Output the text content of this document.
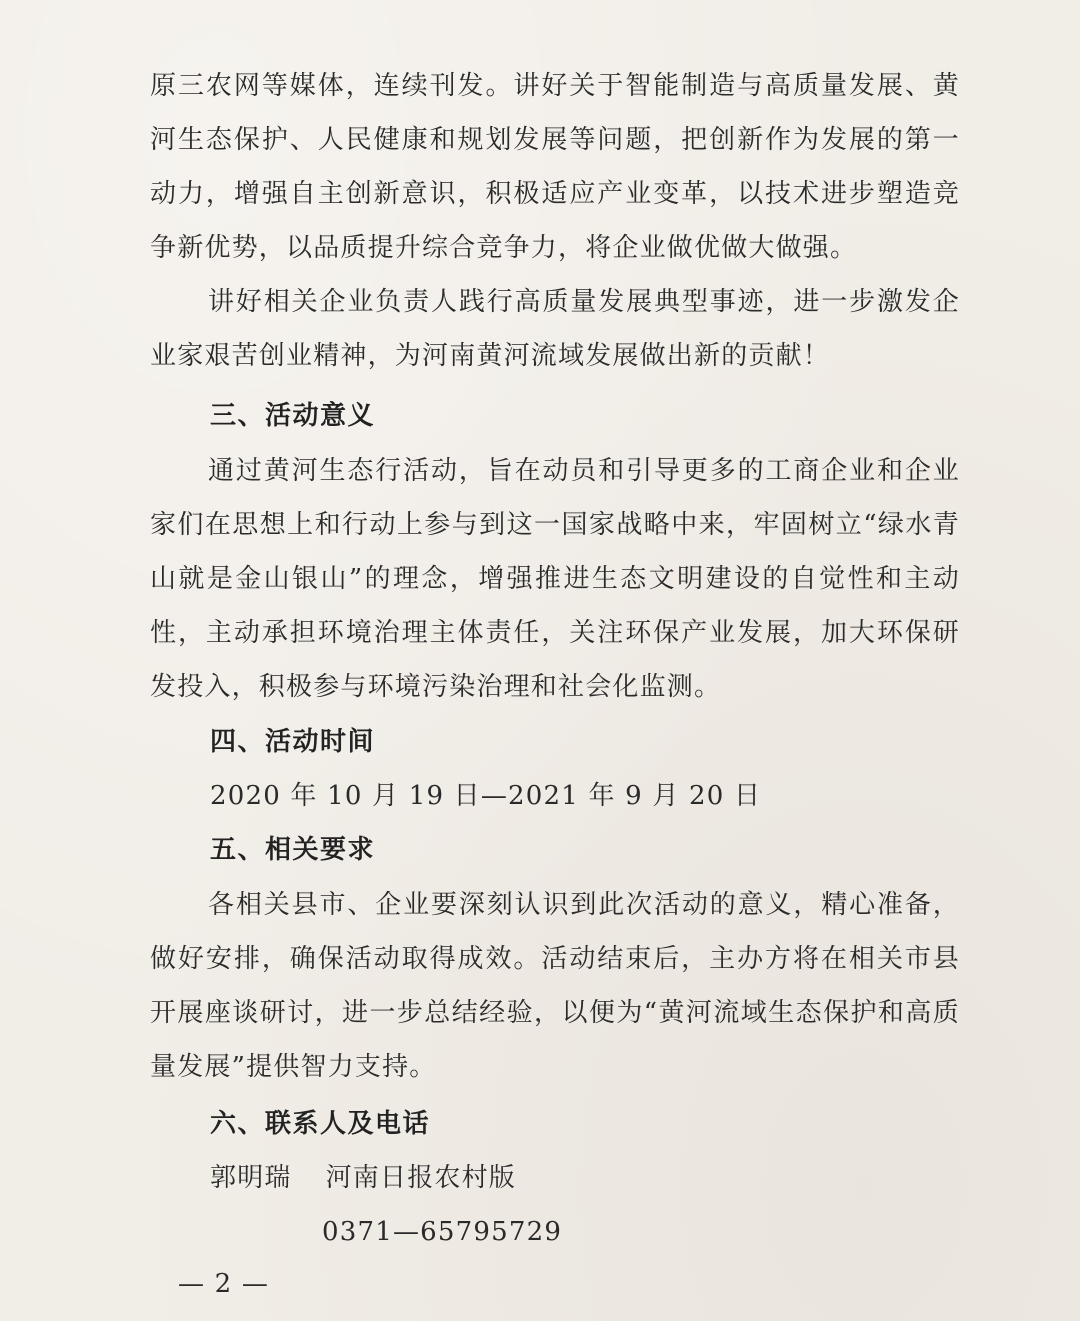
原三农网等媒体，连续刊发。讲好关于智能制造与高质量发展、黄河生态保护、人民健康和规划发展等问题，把创新作为发展的第一动力，增强自主创新意识，积极适应产业变革，以技术进步塑造竞争新优势，以品质提升综合竞争力，将企业做优做大做强。

讲好相关企业负责人践行高质量发展典型事迹，进一步激发企业家艰苦创业精神，为河南黄河流域发展做出新的贡献！

三、活动意义

通过黄河生态行活动，旨在动员和引导更多的工商企业和企业家们在思想上和行动上参与到这一国家战略中来，牢固树立“绿水青山就是金山银山”的理念，增强推进生态文明建设的自觉性和主动性，主动承担环境治理主体责任，关注环保产业发展，加大环保研发投入，积极参与环境污染治理和社会化监测。

四、活动时间

2020 年 10 月 19 日—2021 年 9 月 20 日

五、相关要求

各相关县市、企业要深刻认识到此次活动的意义，精心准备，做好安排，确保活动取得成效。活动结束后，主办方将在相关市县开展座谈研讨，进一步总结经验，以便为“黄河流域生态保护和高质量发展”提供智力支持。

六、联系人及电话

郭明瑞 河南日报农村版

0371—65795729

— 2 —
